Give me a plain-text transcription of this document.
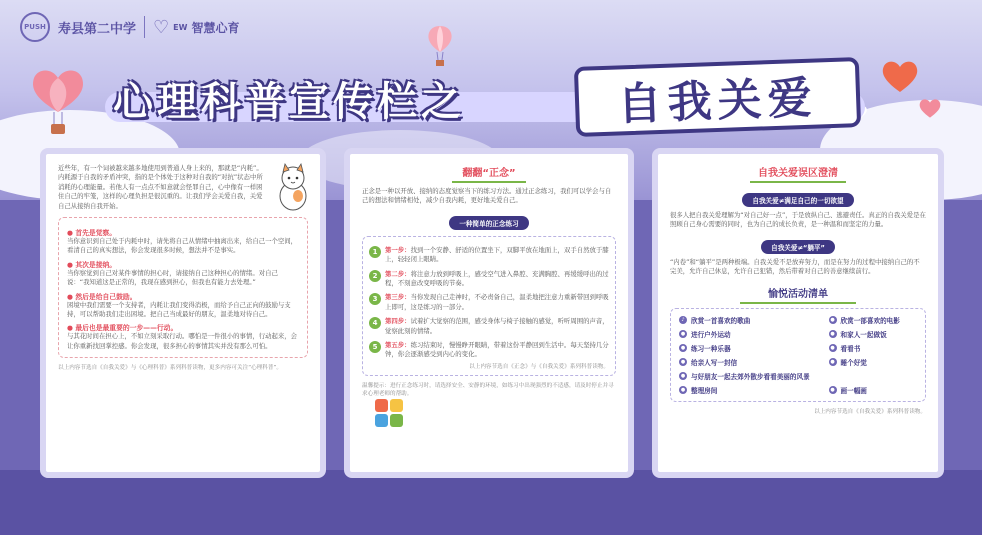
PUSH 寿县第二中学 ♡ EW 智慧心育
心理科普宣传栏之	自我关爱

近些年，有一个词被越来越多地使用到普通人身上来的，那就是“内耗”。内耗源于自我的矛盾冲突，指的是个体处于这种对自我的“对抗”状态中所消耗的心理能量。若他人有一点点不如意就会怪罪自己，心中像有一样困住自己的牢笼，这样的心理负担是很沉重的。让我们学会关爱自我，关爱自己从接纳自我开始。

● 首先是觉察。

当你意识到自己处于内耗中时，请先将自己从情绪中抽离出来，给自己一个空间，看清自己的真实想法，你会发现很多时候，想法并不是事实。

● 其次是接纳。

当你察觉到自己对某件事情的担心时，请接纳自己这种担心的情绪。对自己说：“我知道这是正常的，我现在感到担心，但我也有能力去处理。”

● 然后是给自己鼓励。

困境中我们需要一个支持者，内耗让我们变得消极，而给予自己正向的鼓励与支持，可以帮助我们走出困境。把自己当成最好的朋友，温柔地对待自己。

● 最后也是最重要的一步——行动。

与其花时间在担心上，不如立刻采取行动。哪怕是一件很小的事情，行动起来，会让你重新找回掌控感。你会发现，很多担心的事情其实并没有那么可怕。

以上内容节选自《自我关爱》与《心理科普》系列科普读物，更多内容可关注“心理科普”。

翻翻“正念”

正念是一种以开放、接纳的态度觉察当下的练习方法。通过正念练习，我们可以学会与自己的想法和情绪相处，减少自我内耗，更好地关爱自己。

一种简单的正念练习
1	第一步：找到一个安静、舒适的位置坐下，双脚平放在地面上，双手自然放于膝上，轻轻闭上眼睛。

2	第二步：将注意力放到呼吸上，感受空气进入鼻腔、充满胸腔、再缓缓呼出的过程，不刻意改变呼吸的节奏。

3	第三步：当你发现自己走神时，不必责备自己，温柔地把注意力重新带回到呼吸上即可，这是练习的一部分。

4	第四步：试着扩大觉察的范围，感受身体与椅子接触的感觉，听听周围的声音，觉察此刻的情绪。

5	第五步：练习结束时，慢慢睁开眼睛，带着这份平静回到生活中。每天坚持几分钟，你会逐渐感受到内心的变化。

以上内容节选自《正念》与《自我关爱》系列科普读物。

温馨提示：进行正念练习时，请选择安全、安静的环境，如练习中出现强烈的不适感，请及时停止并寻求心理老师的帮助。

自我关爱误区澄清
自我关爱≠满足自己的一切欲望

很多人把自我关爱理解为“对自己好一点”，于是放纵自己、逃避责任。真正的自我关爱是在照顾自己身心需要的同时，也为自己的成长负责，是一种温和而坚定的力量。

自我关爱≠“躺平”

“内卷”和“躺平”是两种极端。自我关爱不是放弃努力，而是在努力的过程中接纳自己的不完美，允许自己休息，允许自己犯错，然后带着对自己的善意继续前行。

愉悦活动清单
♪ 欣赏一首喜欢的歌曲	● 欣赏一部喜欢的电影
● 进行户外运动	● 和家人一起做饭
● 练习一种乐器	● 看看书
● 给亲人写一封信	● 睡个好觉
● 与好朋友一起去郊外散步看看美丽的风景
● 整理房间	● 画一幅画

以上内容节选自《自我关爱》系列科普读物。
